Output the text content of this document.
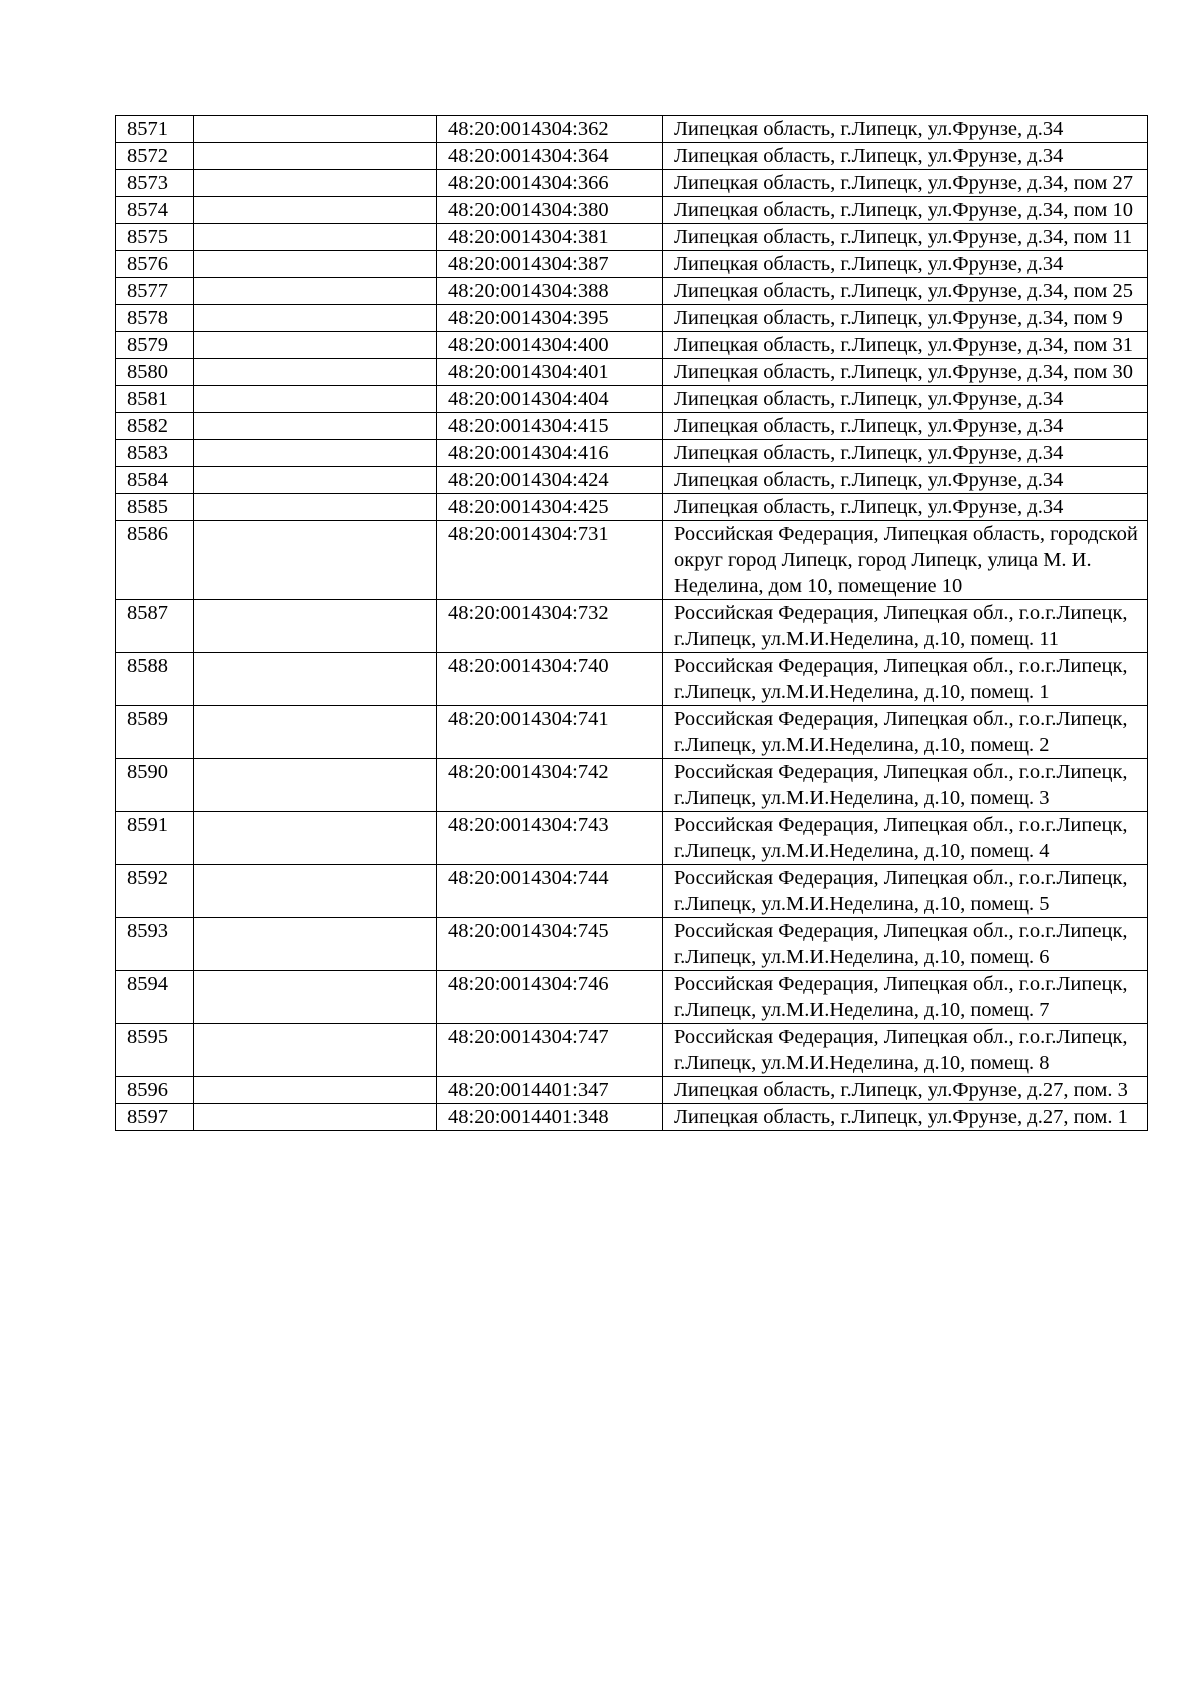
8571		48:20:0014304:362	Липецкая область, г.Липецк, ул.Фрунзе, д.34
8572		48:20:0014304:364	Липецкая область, г.Липецк, ул.Фрунзе, д.34
8573		48:20:0014304:366	Липецкая область, г.Липецк, ул.Фрунзе, д.34, пом 27
8574		48:20:0014304:380	Липецкая область, г.Липецк, ул.Фрунзе, д.34, пом 10
8575		48:20:0014304:381	Липецкая область, г.Липецк, ул.Фрунзе, д.34, пом 11
8576		48:20:0014304:387	Липецкая область, г.Липецк, ул.Фрунзе, д.34
8577		48:20:0014304:388	Липецкая область, г.Липецк, ул.Фрунзе, д.34, пом 25
8578		48:20:0014304:395	Липецкая область, г.Липецк, ул.Фрунзе, д.34, пом 9
8579		48:20:0014304:400	Липецкая область, г.Липецк, ул.Фрунзе, д.34, пом 31
8580		48:20:0014304:401	Липецкая область, г.Липецк, ул.Фрунзе, д.34, пом 30
8581		48:20:0014304:404	Липецкая область, г.Липецк, ул.Фрунзе, д.34
8582		48:20:0014304:415	Липецкая область, г.Липецк, ул.Фрунзе, д.34
8583		48:20:0014304:416	Липецкая область, г.Липецк, ул.Фрунзе, д.34
8584		48:20:0014304:424	Липецкая область, г.Липецк, ул.Фрунзе, д.34
8585		48:20:0014304:425	Липецкая область, г.Липецк, ул.Фрунзе, д.34
8586		48:20:0014304:731	Российская Федерация, Липецкая область, городской округ город Липецк, город Липецк, улица М. И. Неделина, дом 10, помещение 10
8587		48:20:0014304:732	Российская Федерация, Липецкая обл., г.о.г.Липецк, г.Липецк, ул.М.И.Неделина, д.10, помещ. 11
8588		48:20:0014304:740	Российская Федерация, Липецкая обл., г.о.г.Липецк, г.Липецк, ул.М.И.Неделина, д.10, помещ. 1
8589		48:20:0014304:741	Российская Федерация, Липецкая обл., г.о.г.Липецк, г.Липецк, ул.М.И.Неделина, д.10, помещ. 2
8590		48:20:0014304:742	Российская Федерация, Липецкая обл., г.о.г.Липецк, г.Липецк, ул.М.И.Неделина, д.10, помещ. 3
8591		48:20:0014304:743	Российская Федерация, Липецкая обл., г.о.г.Липецк, г.Липецк, ул.М.И.Неделина, д.10, помещ. 4
8592		48:20:0014304:744	Российская Федерация, Липецкая обл., г.о.г.Липецк, г.Липецк, ул.М.И.Неделина, д.10, помещ. 5
8593		48:20:0014304:745	Российская Федерация, Липецкая обл., г.о.г.Липецк, г.Липецк, ул.М.И.Неделина, д.10, помещ. 6
8594		48:20:0014304:746	Российская Федерация, Липецкая обл., г.о.г.Липецк, г.Липецк, ул.М.И.Неделина, д.10, помещ. 7
8595		48:20:0014304:747	Российская Федерация, Липецкая обл., г.о.г.Липецк, г.Липецк, ул.М.И.Неделина, д.10, помещ. 8
8596		48:20:0014401:347	Липецкая область, г.Липецк, ул.Фрунзе, д.27, пом. 3
8597		48:20:0014401:348	Липецкая область, г.Липецк, ул.Фрунзе, д.27, пом. 1
